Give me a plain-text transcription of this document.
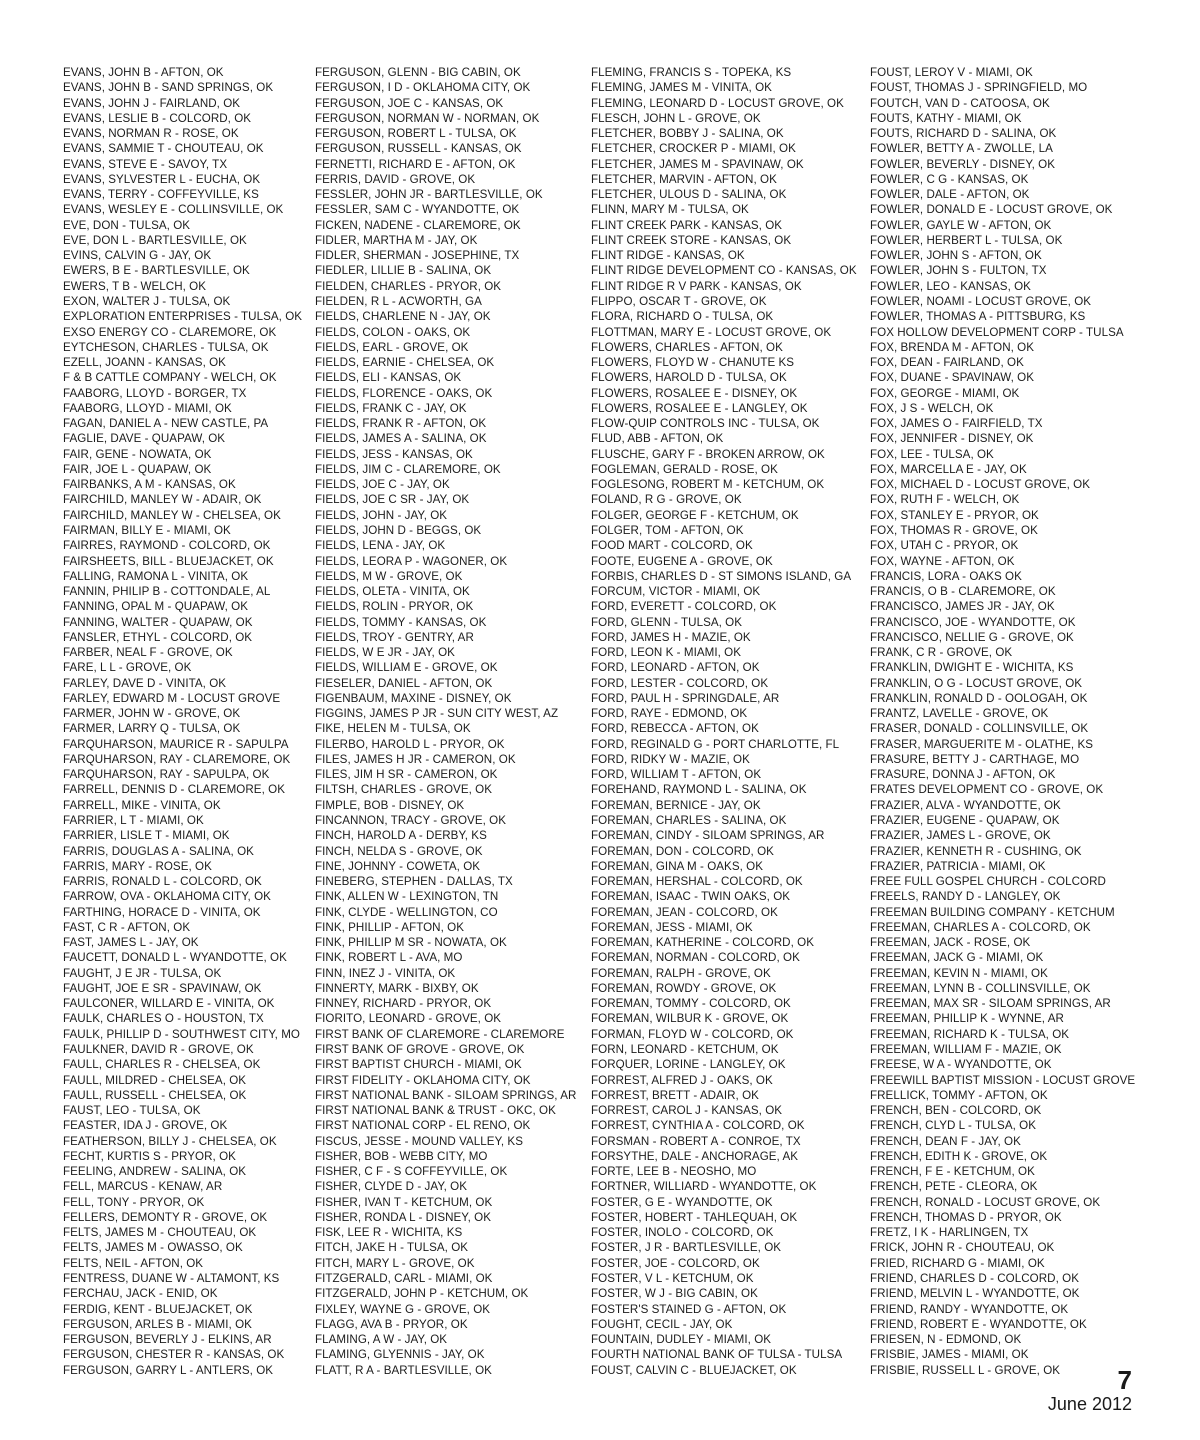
EVANS, JOHN B - AFTON, OK
EVANS, JOHN B - SAND SPRINGS, OK
EVANS, JOHN J - FAIRLAND, OK
EVANS, LESLIE B - COLCORD, OK
EVANS, NORMAN R - ROSE, OK
EVANS, SAMMIE T - CHOUTEAU, OK
EVANS, STEVE E - SAVOY, TX
EVANS, SYLVESTER L - EUCHA, OK
EVANS, TERRY - COFFEYVILLE, KS
EVANS, WESLEY E - COLLINSVILLE, OK
EVE, DON - TULSA, OK
EVE, DON L - BARTLESVILLE, OK
EVINS, CALVIN G - JAY, OK
EWERS, B E - BARTLESVILLE, OK
EWERS, T B - WELCH, OK
EXON, WALTER J - TULSA, OK
EXPLORATION ENTERPRISES - TULSA, OK
EXSO ENERGY CO - CLAREMORE, OK
EYTCHESON, CHARLES - TULSA, OK
EZELL, JOANN - KANSAS, OK
F & B CATTLE COMPANY - WELCH, OK
FAABORG, LLOYD - BORGER, TX
FAABORG, LLOYD - MIAMI, OK
FAGAN, DANIEL A - NEW CASTLE, PA
FAGLIE, DAVE - QUAPAW, OK
FAIR, GENE - NOWATA, OK
FAIR, JOE L - QUAPAW, OK
FAIRBANKS, A M - KANSAS, OK
FAIRCHILD, MANLEY W - ADAIR, OK
FAIRCHILD, MANLEY W - CHELSEA, OK
FAIRMAN, BILLY E - MIAMI, OK
FAIRRES, RAYMOND - COLCORD, OK
FAIRSHEETS, BILL - BLUEJACKET, OK
FALLING, RAMONA L - VINITA, OK
FANNIN, PHILIP B - COTTONDALE, AL
FANNING, OPAL M - QUAPAW, OK
FANNING, WALTER - QUAPAW, OK
FANSLER, ETHYL - COLCORD, OK
FARBER, NEAL F - GROVE, OK
FARE, L L - GROVE, OK
FARLEY, DAVE D - VINITA, OK
FARLEY, EDWARD M - LOCUST GROVE
FARMER, JOHN W - GROVE, OK
FARMER, LARRY Q - TULSA, OK
FARQUHARSON, MAURICE R - SAPULPA
FARQUHARSON, RAY - CLAREMORE, OK
FARQUHARSON, RAY - SAPULPA, OK
FARRELL, DENNIS D - CLAREMORE, OK
FARRELL, MIKE - VINITA, OK
FARRIER, L T - MIAMI, OK
FARRIER, LISLE T - MIAMI, OK
FARRIS, DOUGLAS A - SALINA, OK
FARRIS, MARY - ROSE, OK
FARRIS, RONALD L - COLCORD, OK
FARROW, OVA - OKLAHOMA CITY, OK
FARTHING, HORACE D - VINITA, OK
FAST, C R - AFTON, OK
FAST, JAMES L - JAY, OK
FAUCETT, DONALD L - WYANDOTTE, OK
FAUGHT, J E JR - TULSA, OK
FAUGHT, JOE E SR - SPAVINAW, OK
FAULCONER, WILLARD E - VINITA, OK
FAULK, CHARLES O - HOUSTON, TX
FAULK, PHILLIP D - SOUTHWEST CITY, MO
FAULKNER, DAVID R - GROVE, OK
FAULL, CHARLES R - CHELSEA, OK
FAULL, MILDRED - CHELSEA, OK
FAULL, RUSSELL - CHELSEA, OK
FAUST, LEO - TULSA, OK
FEASTER, IDA J - GROVE, OK
FEATHERSON, BILLY J - CHELSEA, OK
FECHT, KURTIS S - PRYOR, OK
FEELING, ANDREW - SALINA, OK
FELL, MARCUS - KENAW, AR
FELL, TONY - PRYOR, OK
FELLERS, DEMONTY R - GROVE, OK
FELTS, JAMES M - CHOUTEAU, OK
FELTS, JAMES M - OWASSO, OK
FELTS, NEIL - AFTON, OK
FENTRESS, DUANE W - ALTAMONT, KS
FERCHAU, JACK - ENID, OK
FERDIG, KENT - BLUEJACKET, OK
FERGUSON, ARLES B - MIAMI, OK
FERGUSON, BEVERLY J - ELKINS, AR
FERGUSON, CHESTER R - KANSAS, OK
FERGUSON, GARRY L - ANTLERS, OK
FERGUSON, GLENN - BIG CABIN, OK
FERGUSON, I D - OKLAHOMA CITY, OK
FERGUSON, JOE C - KANSAS, OK
FERGUSON, NORMAN W - NORMAN, OK
FERGUSON, ROBERT L - TULSA, OK
FERGUSON, RUSSELL - KANSAS, OK
FERNETTI, RICHARD E - AFTON, OK
FERRIS, DAVID - GROVE, OK
FESSLER, JOHN JR - BARTLESVILLE, OK
FESSLER, SAM C - WYANDOTTE, OK
FICKEN, NADENE - CLAREMORE, OK
FIDLER, MARTHA M - JAY, OK
FIDLER, SHERMAN - JOSEPHINE, TX
FIEDLER, LILLIE B - SALINA, OK
FIELDEN, CHARLES - PRYOR, OK
FIELDEN, R L - ACWORTH, GA
FIELDS, CHARLENE N - JAY, OK
FIELDS, COLON - OAKS, OK
FIELDS, EARL - GROVE, OK
FIELDS, EARNIE - CHELSEA, OK
FIELDS, ELI - KANSAS, OK
FIELDS, FLORENCE - OAKS, OK
FIELDS, FRANK C - JAY, OK
FIELDS, FRANK R - AFTON, OK
FIELDS, JAMES A - SALINA, OK
FIELDS, JESS - KANSAS, OK
FIELDS, JIM C - CLAREMORE, OK
FIELDS, JOE C - JAY, OK
FIELDS, JOE C SR - JAY, OK
FIELDS, JOHN - JAY, OK
FIELDS, JOHN D - BEGGS, OK
FIELDS, LENA - JAY, OK
FIELDS, LEORA P - WAGONER, OK
FIELDS, M W - GROVE, OK
FIELDS, OLETA - VINITA, OK
FIELDS, ROLIN - PRYOR, OK
FIELDS, TOMMY - KANSAS, OK
FIELDS, TROY - GENTRY, AR
FIELDS, W E JR - JAY, OK
FIELDS, WILLIAM E - GROVE, OK
FIESELER, DANIEL - AFTON, OK
FIGENBAUM, MAXINE - DISNEY, OK
FIGGINS, JAMES P JR - SUN CITY WEST, AZ
FIKE, HELEN M - TULSA, OK
FILERBO, HAROLD L - PRYOR, OK
FILES, JAMES H JR - CAMERON, OK
FILES, JIM H SR - CAMERON, OK
FILTSH, CHARLES - GROVE, OK
FIMPLE, BOB - DISNEY, OK
FINCANNON, TRACY - GROVE, OK
FINCH, HAROLD A - DERBY, KS
FINCH, NELDA S - GROVE, OK
FINE, JOHNNY - COWETA, OK
FINEBERG, STEPHEN - DALLAS, TX
FINK, ALLEN W - LEXINGTON, TN
FINK, CLYDE - WELLINGTON, CO
FINK, PHILLIP - AFTON, OK
FINK, PHILLIP M SR - NOWATA, OK
FINK, ROBERT L - AVA, MO
FINN, INEZ J - VINITA, OK
FINNERTY, MARK - BIXBY, OK
FINNEY, RICHARD - PRYOR, OK
FIORITO, LEONARD - GROVE, OK
FIRST BANK OF CLAREMORE - CLAREMORE
FIRST BANK OF GROVE - GROVE, OK
FIRST BAPTIST CHURCH - MIAMI, OK
FIRST FIDELITY - OKLAHOMA CITY, OK
FIRST NATIONAL BANK - SILOAM SPRINGS, AR
FIRST NATIONAL BANK & TRUST - OKC, OK
FIRST NATIONAL CORP - EL RENO, OK
FISCUS, JESSE - MOUND VALLEY, KS
FISHER, BOB - WEBB CITY, MO
FISHER, C F - S COFFEYVILLE, OK
FISHER, CLYDE D - JAY, OK
FISHER, IVAN T - KETCHUM, OK
FISHER, RONDA L - DISNEY, OK
FISK, LEE R - WICHITA, KS
FITCH, JAKE H - TULSA, OK
FITCH, MARY L - GROVE, OK
FITZGERALD, CARL - MIAMI, OK
FITZGERALD, JOHN P - KETCHUM, OK
FIXLEY, WAYNE G - GROVE, OK
FLAGG, AVA B - PRYOR, OK
FLAMING, A W - JAY, OK
FLAMING, GLYENNIS - JAY, OK
FLATT, R A - BARTLESVILLE, OK
FLEMING, FRANCIS S - TOPEKA, KS
FLEMING, JAMES M - VINITA, OK
FLEMING, LEONARD D - LOCUST GROVE, OK
FLESCH, JOHN L - GROVE, OK
FLETCHER, BOBBY J - SALINA, OK
FLETCHER, CROCKER P - MIAMI, OK
FLETCHER, JAMES M - SPAVINAW, OK
FLETCHER, MARVIN - AFTON, OK
FLETCHER, ULOUS D - SALINA, OK
FLINN, MARY M - TULSA, OK
FLINT CREEK PARK - KANSAS, OK
FLINT CREEK STORE - KANSAS, OK
FLINT RIDGE - KANSAS, OK
FLINT RIDGE DEVELOPMENT CO - KANSAS, OK
FLINT RIDGE R V PARK - KANSAS, OK
FLIPPO, OSCAR T - GROVE, OK
FLORA, RICHARD O - TULSA, OK
FLOTTMAN, MARY E - LOCUST GROVE, OK
FLOWERS, CHARLES - AFTON, OK
FLOWERS, FLOYD W - CHANUTE KS
FLOWERS, HAROLD D - TULSA, OK
FLOWERS, ROSALEE E - DISNEY, OK
FLOWERS, ROSALEE E - LANGLEY, OK
FLOW-QUIP CONTROLS INC - TULSA, OK
FLUD, ABB - AFTON, OK
FLUSCHE, GARY F - BROKEN ARROW, OK
FOGLEMAN, GERALD - ROSE, OK
FOGLESONG, ROBERT M - KETCHUM, OK
FOLAND, R G - GROVE, OK
FOLGER, GEORGE F - KETCHUM, OK
FOLGER, TOM - AFTON, OK
FOOD MART - COLCORD, OK
FOOTE, EUGENE A - GROVE, OK
FORBIS, CHARLES D - ST SIMONS ISLAND, GA
FORCUM, VICTOR - MIAMI, OK
FORD, EVERETT - COLCORD, OK
FORD, GLENN - TULSA, OK
FORD, JAMES H - MAZIE, OK
FORD, LEON K - MIAMI, OK
FORD, LEONARD - AFTON, OK
FORD, LESTER - COLCORD, OK
FORD, PAUL H - SPRINGDALE, AR
FORD, RAYE - EDMOND, OK
FORD, REBECCA - AFTON, OK
FORD, REGINALD G - PORT CHARLOTTE, FL
FORD, RIDKY W - MAZIE, OK
FORD, WILLIAM T - AFTON, OK
FOREHAND, RAYMOND L - SALINA, OK
FOREMAN, BERNICE - JAY, OK
FOREMAN, CHARLES - SALINA, OK
FOREMAN, CINDY - SILOAM SPRINGS, AR
FOREMAN, DON - COLCORD, OK
FOREMAN, GINA M - OAKS, OK
FOREMAN, HERSHAL - COLCORD, OK
FOREMAN, ISAAC - TWIN OAKS, OK
FOREMAN, JEAN - COLCORD, OK
FOREMAN, JESS - MIAMI, OK
FOREMAN, KATHERINE - COLCORD, OK
FOREMAN, NORMAN - COLCORD, OK
FOREMAN, RALPH - GROVE, OK
FOREMAN, ROWDY - GROVE, OK
FOREMAN, TOMMY - COLCORD, OK
FOREMAN, WILBUR K - GROVE, OK
FORMAN, FLOYD W - COLCORD, OK
FORN, LEONARD - KETCHUM, OK
FORQUER, LORINE - LANGLEY, OK
FORREST, ALFRED J - OAKS, OK
FORREST, BRETT - ADAIR, OK
FORREST, CAROL J - KANSAS, OK
FORREST, CYNTHIA A - COLCORD, OK
FORSMAN - ROBERT A - CONROE, TX
FORSYTHE, DALE - ANCHORAGE, AK
FORTE, LEE B - NEOSHO, MO
FORTNER, WILLIARD - WYANDOTTE, OK
FOSTER, G E - WYANDOTTE, OK
FOSTER, HOBERT - TAHLEQUAH, OK
FOSTER, INOLO - COLCORD, OK
FOSTER, J R - BARTLESVILLE, OK
FOSTER, JOE - COLCORD, OK
FOSTER, V L - KETCHUM, OK
FOSTER, W J - BIG CABIN, OK
FOSTER'S STAINED G - AFTON, OK
FOUGHT, CECIL - JAY, OK
FOUNTAIN, DUDLEY - MIAMI, OK
FOURTH NATIONAL BANK OF TULSA - TULSA
FOUST, CALVIN C - BLUEJACKET, OK
FOUST, LEROY V - MIAMI, OK
FOUST, THOMAS J - SPRINGFIELD, MO
FOUTCH, VAN D - CATOOSA, OK
FOUTS, KATHY - MIAMI, OK
FOUTS, RICHARD D - SALINA, OK
FOWLER, BETTY A - ZWOLLE, LA
FOWLER, BEVERLY - DISNEY, OK
FOWLER, C G - KANSAS, OK
FOWLER, DALE - AFTON, OK
FOWLER, DONALD E - LOCUST GROVE, OK
FOWLER, GAYLE W - AFTON, OK
FOWLER, HERBERT L - TULSA, OK
FOWLER, JOHN S - AFTON, OK
FOWLER, JOHN S - FULTON, TX
FOWLER, LEO - KANSAS, OK
FOWLER, NOAMI - LOCUST GROVE, OK
FOWLER, THOMAS A - PITTSBURG, KS
FOX HOLLOW DEVELOPMENT CORP - TULSA
FOX, BRENDA M - AFTON, OK
FOX, DEAN - FAIRLAND, OK
FOX, DUANE - SPAVINAW, OK
FOX, GEORGE - MIAMI, OK
FOX, J S - WELCH, OK
FOX, JAMES O - FAIRFIELD, TX
FOX, JENNIFER - DISNEY, OK
FOX, LEE - TULSA, OK
FOX, MARCELLA E - JAY, OK
FOX, MICHAEL D - LOCUST GROVE, OK
FOX, RUTH F - WELCH, OK
FOX, STANLEY E - PRYOR, OK
FOX, THOMAS R - GROVE, OK
FOX, UTAH C - PRYOR, OK
FOX, WAYNE - AFTON, OK
FRANCIS, LORA - OAKS OK
FRANCIS, O B - CLAREMORE, OK
FRANCISCO, JAMES JR - JAY, OK
FRANCISCO, JOE - WYANDOTTE, OK
FRANCISCO, NELLIE G - GROVE, OK
FRANK, C R - GROVE, OK
FRANKLIN, DWIGHT E - WICHITA, KS
FRANKLIN, O G - LOCUST GROVE, OK
FRANKLIN, RONALD D - OOLOGAH, OK
FRANTZ, LAVELLE - GROVE, OK
FRASER, DONALD - COLLINSVILLE, OK
FRASER, MARGUERITE M - OLATHE, KS
FRASURE, BETTY J - CARTHAGE, MO
FRASURE, DONNA J - AFTON, OK
FRATES DEVELOPMENT CO - GROVE, OK
FRAZIER, ALVA - WYANDOTTE, OK
FRAZIER, EUGENE - QUAPAW, OK
FRAZIER, JAMES L - GROVE, OK
FRAZIER, KENNETH R - CUSHING, OK
FRAZIER, PATRICIA - MIAMI, OK
FREE FULL GOSPEL CHURCH - COLCORD
FREELS, RANDY D - LANGLEY, OK
FREEMAN BUILDING COMPANY - KETCHUM
FREEMAN, CHARLES A - COLCORD, OK
FREEMAN, JACK - ROSE, OK
FREEMAN, JACK G - MIAMI, OK
FREEMAN, KEVIN N - MIAMI, OK
FREEMAN, LYNN B - COLLINSVILLE, OK
FREEMAN, MAX SR - SILOAM SPRINGS, AR
FREEMAN, PHILLIP K - WYNNE, AR
FREEMAN, RICHARD K - TULSA, OK
FREEMAN, WILLIAM F - MAZIE, OK
FREESE, W A - WYANDOTTE, OK
FREEWILL BAPTIST MISSION - LOCUST GROVE
FRELLICK, TOMMY - AFTON, OK
FRENCH, BEN - COLCORD, OK
FRENCH, CLYD L - TULSA, OK
FRENCH, DEAN F - JAY, OK
FRENCH, EDITH K - GROVE, OK
FRENCH, F E - KETCHUM, OK
FRENCH, PETE - CLEORA, OK
FRENCH, RONALD - LOCUST GROVE, OK
FRENCH, THOMAS D - PRYOR, OK
FRETZ, I K - HARLINGEN, TX
FRICK, JOHN R - CHOUTEAU, OK
FRIED, RICHARD G - MIAMI, OK
FRIEND, CHARLES D - COLCORD, OK
FRIEND, MELVIN L - WYANDOTTE, OK
FRIEND, RANDY - WYANDOTTE, OK
FRIEND, ROBERT E - WYANDOTTE, OK
FRIESEN, N - EDMOND, OK
FRISBIE, JAMES - MIAMI, OK
FRISBIE, RUSSELL L - GROVE, OK	7
June 2012
